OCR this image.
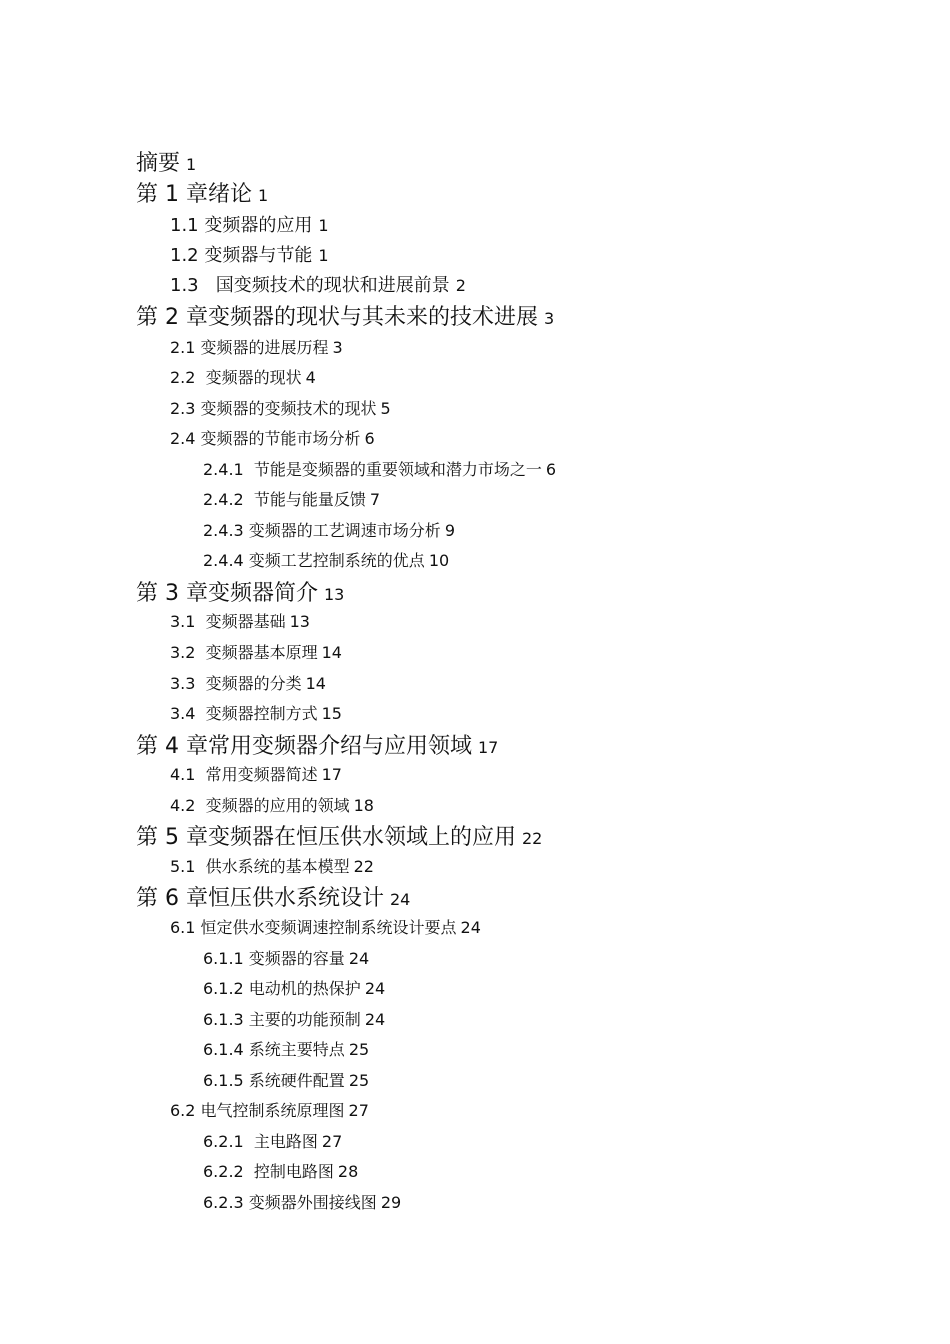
摘要 1
第 1 章绪论 1
1.1 变频器的应用 1
1.2 变频器与节能 1
1.3   国变频技术的现状和进展前景 2
第 2 章变频器的现状与其未来的技术进展 3
2.1 变频器的进展历程 3
2.2  变频器的现状 4
2.3 变频器的变频技术的现状 5
2.4 变频器的节能市场分析 6
2.4.1  节能是变频器的重要领域和潜力市场之一 6
2.4.2  节能与能量反馈 7
2.4.3 变频器的工艺调速市场分析 9
2.4.4 变频工艺控制系统的优点 10
第 3 章变频器简介 13
3.1  变频器基础 13
3.2  变频器基本原理 14
3.3  变频器的分类 14
3.4  变频器控制方式 15
第 4 章常用变频器介绍与应用领域 17
4.1  常用变频器简述 17
4.2  变频器的应用的领域 18
第 5 章变频器在恒压供水领域上的应用 22
5.1  供水系统的基本模型 22
第 6 章恒压供水系统设计 24
6.1 恒定供水变频调速控制系统设计要点 24
6.1.1 变频器的容量 24
6.1.2 电动机的热保护 24
6.1.3 主要的功能预制 24
6.1.4 系统主要特点 25
6.1.5 系统硬件配置 25
6.2 电气控制系统原理图 27
6.2.1  主电路图 27
6.2.2  控制电路图 28
6.2.3 变频器外围接线图 29
